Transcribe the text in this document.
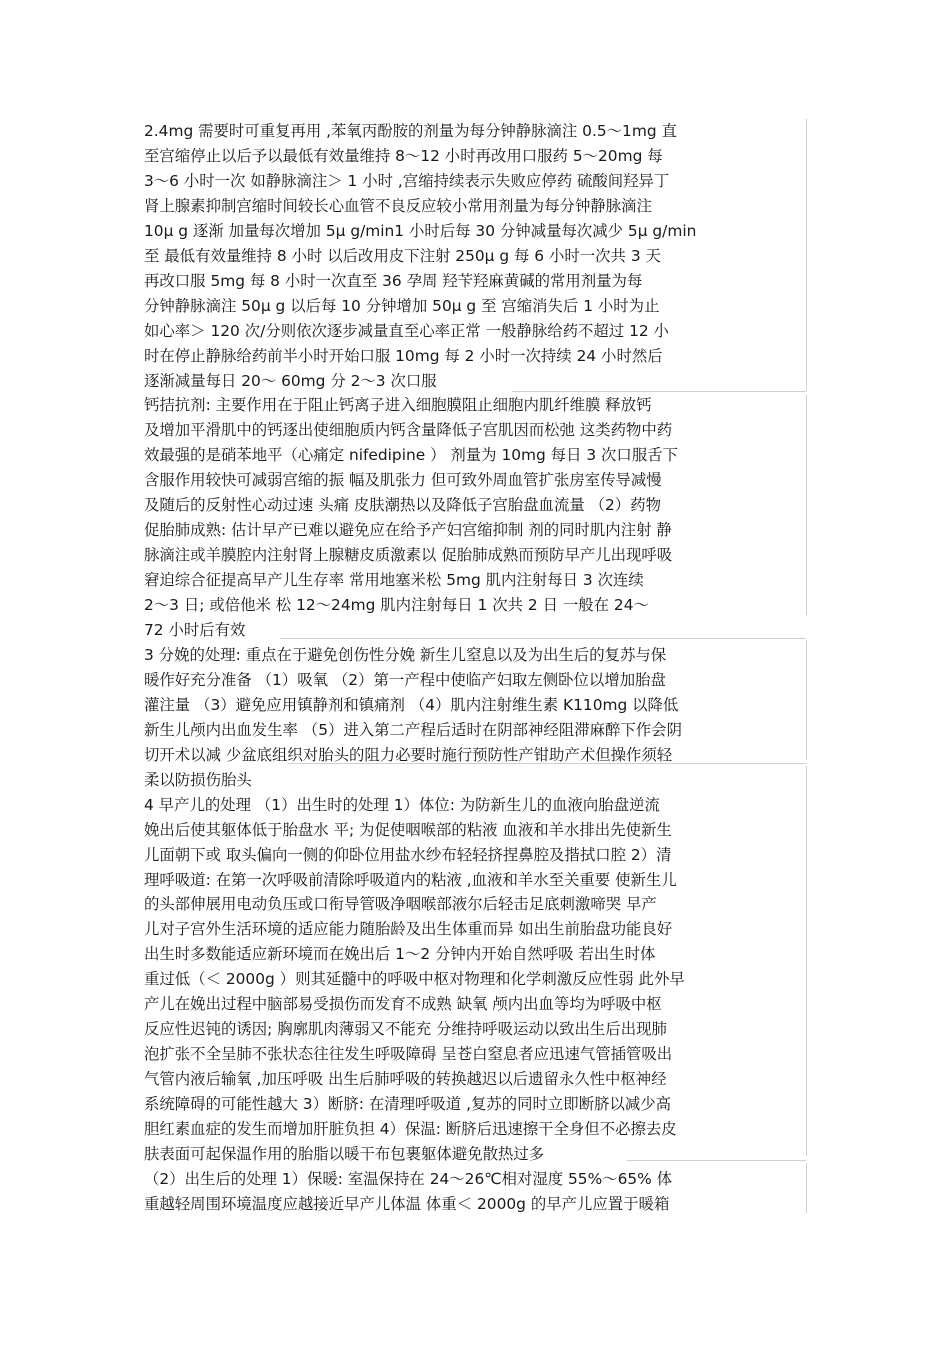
2.4mg 需要时可重复再用 ,苯氧丙酚胺的剂量为每分钟静脉滴注 0.5～1mg 直
至宫缩停止以后予以最低有效量维持 8～12 小时再改用口服药 5～20mg 每
3～6 小时一次 如静脉滴注＞ 1 小时 ,宫缩持续表示失败应停药 硫酸间羟异丁
肾上腺素抑制宫缩时间较长心血管不良反应较小常用剂量为每分钟静脉滴注
10μ g 逐渐 加量每次增加 5μ g/min1 小时后每 30 分钟减量每次减少 5μ g/min
至 最低有效量维持 8 小时 以后改用皮下注射 250μ g 每 6 小时一次共 3 天
再改口服 5mg 每 8 小时一次直至 36 孕周 羟苄羟麻黄碱的常用剂量为每
分钟静脉滴注 50μ g 以后每 10 分钟增加 50μ g 至 宫缩消失后 1 小时为止
如心率＞ 120 次/分则依次逐步减量直至心率正常 一般静脉给药不超过 12 小
时在停止静脉给药前半小时开始口服 10mg 每 2 小时一次持续 24 小时然后
逐渐减量每日 20～ 60mg 分 2～3 次口服
钙拮抗剂: 主要作用在于阻止钙离子进入细胞膜阻止细胞内肌纤维膜 释放钙
及增加平滑肌中的钙逐出使细胞质内钙含量降低子宫肌因而松弛 这类药物中药
效最强的是硝苯地平（心痛定 nifedipine ） 剂量为 10mg 每日 3 次口服舌下
含服作用较快可减弱宫缩的振 幅及肌张力 但可致外周血管扩张房室传导减慢
及随后的反射性心动过速 头痛 皮肤潮热以及降低子宫胎盘血流量 （2）药物
促胎肺成熟: 估计早产已难以避免应在给予产妇宫缩抑制 剂的同时肌内注射 静
脉滴注或羊膜腔内注射肾上腺糖皮质激素以 促胎肺成熟而预防早产儿出现呼吸
窘迫综合征提高早产儿生存率 常用地塞米松 5mg 肌内注射每日 3 次连续
2～3 日; 或倍他米 松 12～24mg 肌内注射每日 1 次共 2 日 一般在 24～
72 小时后有效
3 分娩的处理: 重点在于避免创伤性分娩 新生儿窒息以及为出生后的复苏与保
暖作好充分准备 （1）吸氧 （2）第一产程中使临产妇取左侧卧位以增加胎盘
灌注量 （3）避免应用镇静剂和镇痛剂 （4）肌内注射维生素 K110mg 以降低
新生儿颅内出血发生率 （5）进入第二产程后适时在阴部神经阻滞麻醉下作会阴
切开术以减 少盆底组织对胎头的阻力必要时施行预防性产钳助产术但操作须轻
柔以防损伤胎头
4 早产儿的处理 （1）出生时的处理 1）体位: 为防新生儿的血液向胎盘逆流
娩出后使其躯体低于胎盘水 平; 为促使咽喉部的粘液 血液和羊水排出先使新生
儿面朝下或 取头偏向一侧的仰卧位用盐水纱布轻轻挤捏鼻腔及揩拭口腔 2）清
理呼吸道: 在第一次呼吸前清除呼吸道内的粘液 ,血液和羊水至关重要 使新生儿
的头部伸展用电动负压或口衔导管吸净咽喉部液尔后轻击足底刺激啼哭 早产
儿对子宫外生活环境的适应能力随胎龄及出生体重而异 如出生前胎盘功能良好
出生时多数能适应新环境而在娩出后 1～2 分钟内开始自然呼吸 若出生时体
重过低（＜ 2000g ）则其延髓中的呼吸中枢对物理和化学刺激反应性弱 此外早
产儿在娩出过程中脑部易受损伤而发育不成熟 缺氧 颅内出血等均为呼吸中枢
反应性迟钝的诱因; 胸廓肌肉薄弱又不能充 分维持呼吸运动以致出生后出现肺
泡扩张不全呈肺不张状态往往发生呼吸障碍 呈苍白窒息者应迅速气管插管吸出
气管内液后输氧 ,加压呼吸 出生后肺呼吸的转换越迟以后遗留永久性中枢神经
系统障碍的可能性越大 3）断脐: 在清理呼吸道 ,复苏的同时立即断脐以减少高
胆红素血症的发生而增加肝脏负担 4）保温: 断脐后迅速擦干全身但不必擦去皮
肤表面可起保温作用的胎脂以暖干布包裹躯体避免散热过多
（2）出生后的处理 1）保暖: 室温保持在 24～26℃相对湿度 55%～65% 体
重越轻周围环境温度应越接近早产儿体温 体重＜ 2000g 的早产儿应置于暖箱
